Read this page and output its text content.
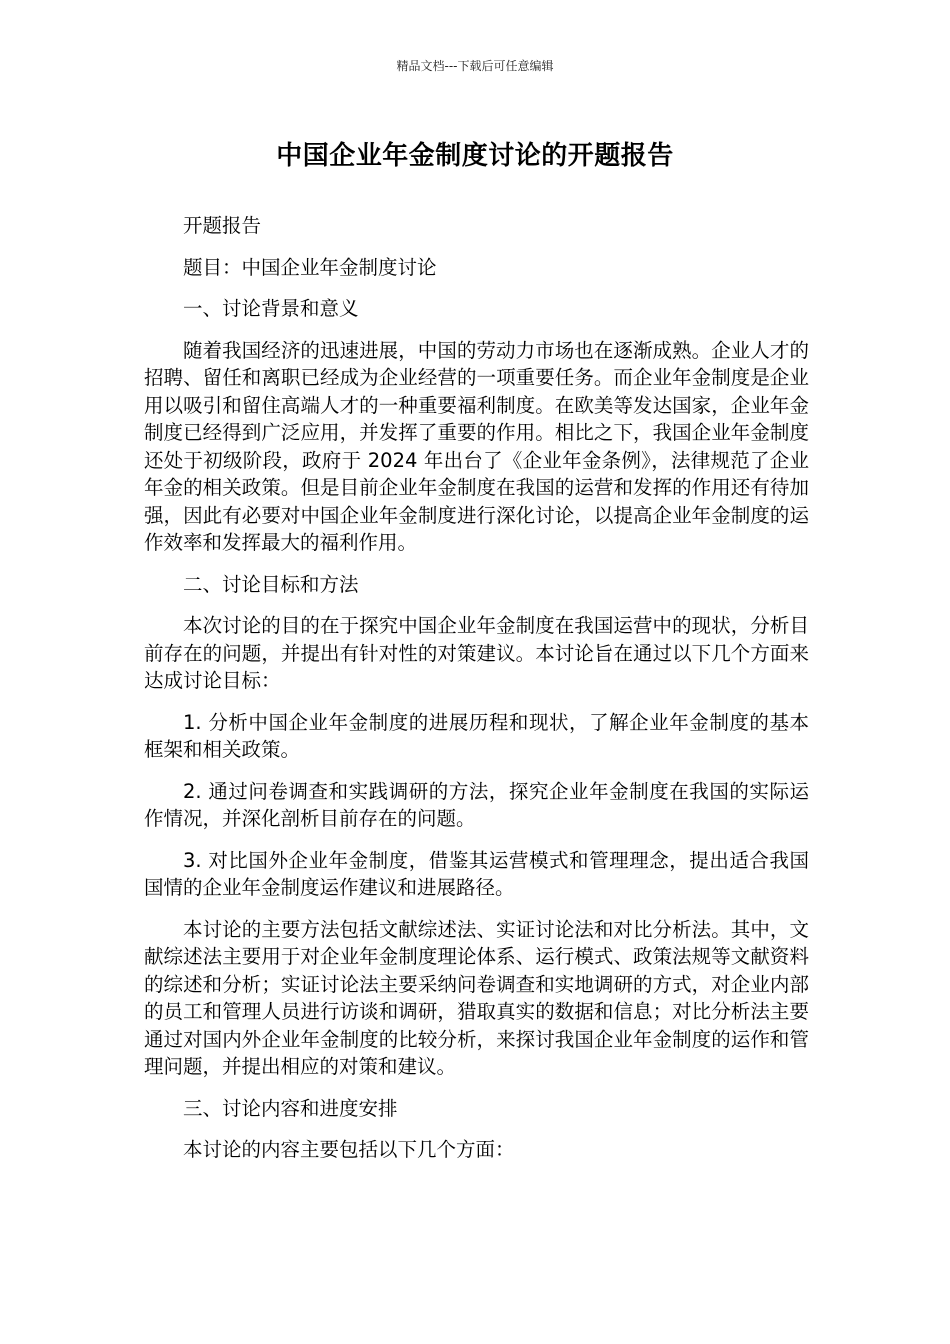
精品文档---下载后可任意编辑
中国企业年金制度讨论的开题报告

开题报告

题目：中国企业年金制度讨论

一、讨论背景和意义

随着我国经济的迅速进展，中国的劳动力市场也在逐渐成熟。企业人才的招聘、留任和离职已经成为企业经营的一项重要任务。而企业年金制度是企业用以吸引和留住高端人才的一种重要福利制度。在欧美等发达国家，企业年金制度已经得到广泛应用，并发挥了重要的作用。相比之下，我国企业年金制度还处于初级阶段，政府于 2024 年出台了《企业年金条例》，法律规范了企业年金的相关政策。但是目前企业年金制度在我国的运营和发挥的作用还有待加强，因此有必要对中国企业年金制度进行深化讨论，以提高企业年金制度的运作效率和发挥最大的福利作用。

二、讨论目标和方法

本次讨论的目的在于探究中国企业年金制度在我国运营中的现状，分析目前存在的问题，并提出有针对性的对策建议。本讨论旨在通过以下几个方面来达成讨论目标：

1. 分析中国企业年金制度的进展历程和现状，了解企业年金制度的基本框架和相关政策。

2. 通过问卷调查和实践调研的方法，探究企业年金制度在我国的实际运作情况，并深化剖析目前存在的问题。

3. 对比国外企业年金制度，借鉴其运营模式和管理理念，提出适合我国国情的企业年金制度运作建议和进展路径。

本讨论的主要方法包括文献综述法、实证讨论法和对比分析法。其中，文献综述法主要用于对企业年金制度理论体系、运行模式、政策法规等文献资料的综述和分析；实证讨论法主要采纳问卷调查和实地调研的方式，对企业内部的员工和管理人员进行访谈和调研，猎取真实的数据和信息；对比分析法主要通过对国内外企业年金制度的比较分析，来探讨我国企业年金制度的运作和管理问题，并提出相应的对策和建议。

三、讨论内容和进度安排

本讨论的内容主要包括以下几个方面：
